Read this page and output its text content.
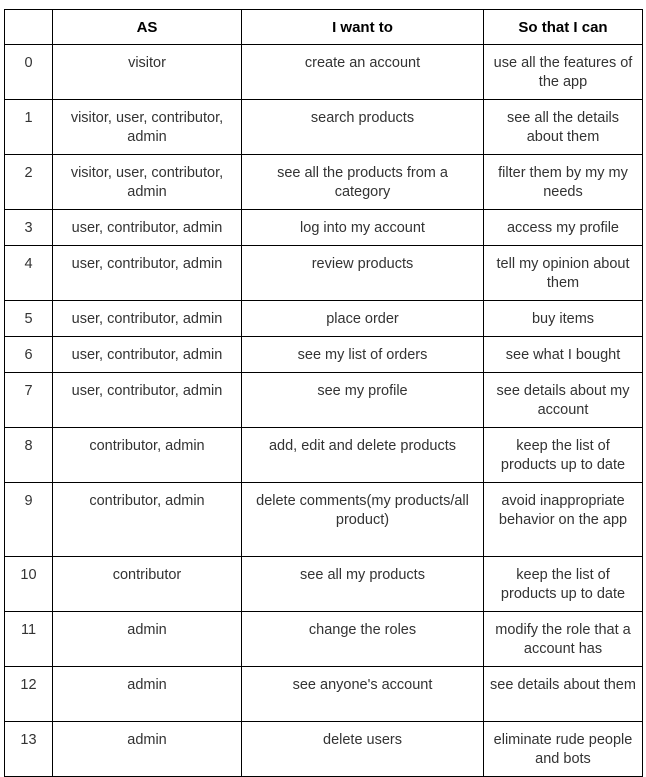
	AS	I want to	So that I can
0	visitor	create an account	use all the features of the app
1	visitor, user, contributor, admin	search products	see all the details about them
2	visitor, user, contributor, admin	see all the products from a category	filter them by my my needs
3	user, contributor, admin	log into my account	access my profile
4	user, contributor, admin	review products	tell my opinion about them
5	user, contributor, admin	place order	buy items
6	user, contributor, admin	see my list of orders	see what I bought
7	user, contributor, admin	see my profile	see details about my account
8	contributor, admin	add, edit and delete products	keep the list of products up to date
9	contributor, admin	delete comments(my products/all product)	avoid inappropriate behavior on the app
10	contributor	see all my products	keep the list of products up to date
11	admin	change the roles	modify the role that a account has
12	admin	see anyone's account	see details about them
13	admin	delete users	eliminate rude people and bots
